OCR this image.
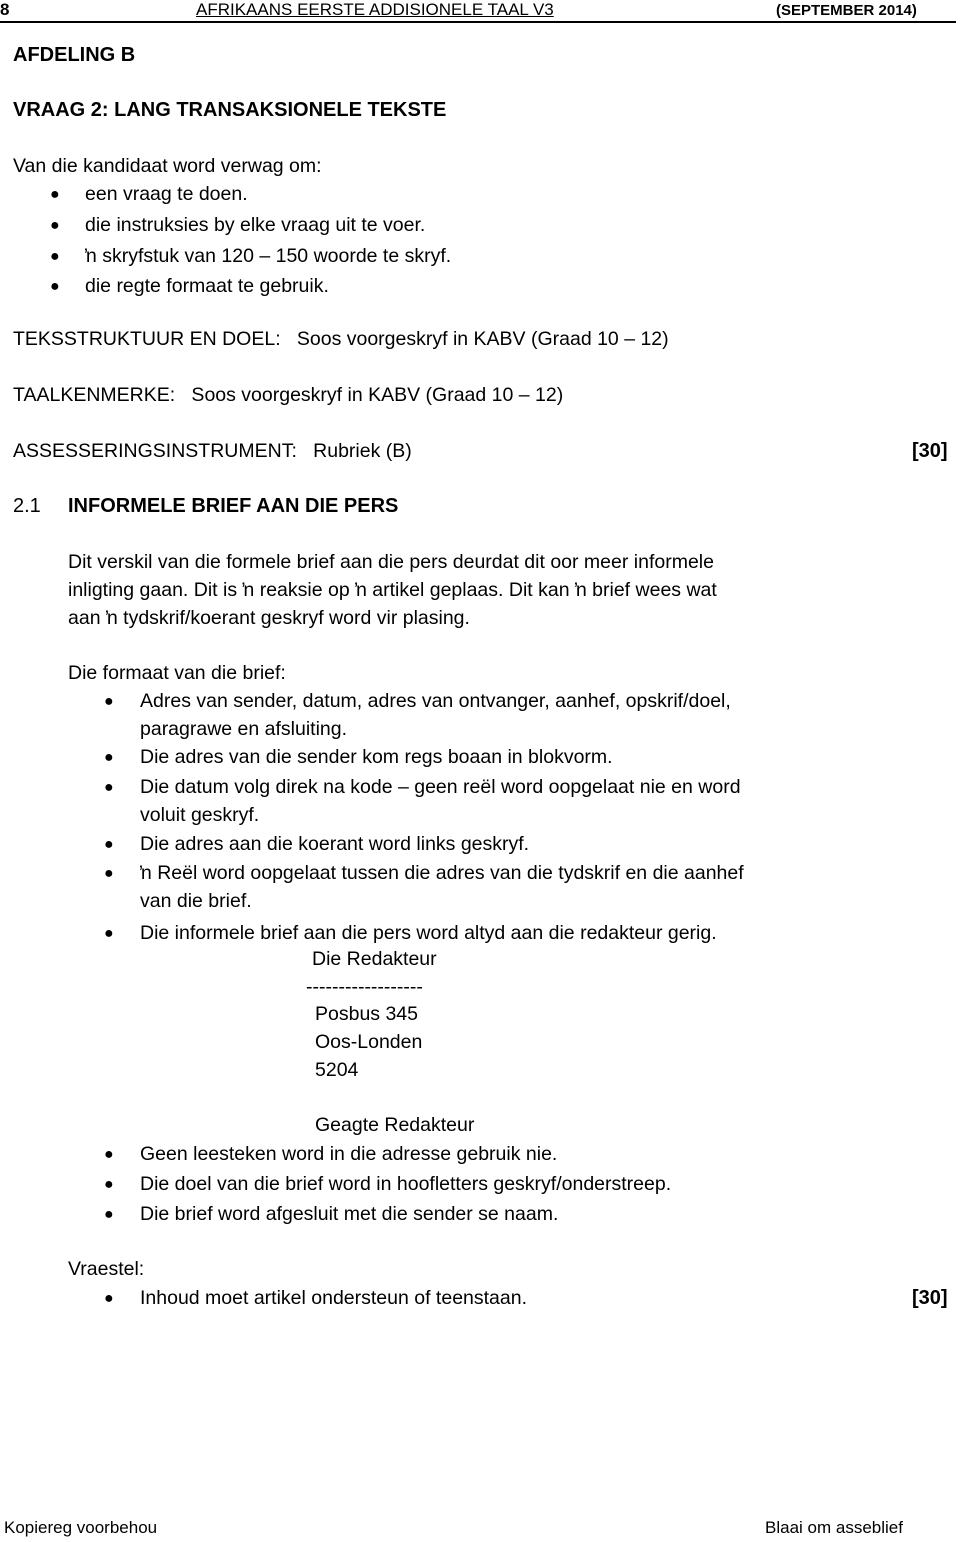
8	AFRIKAANS EERSTE ADDISIONELE TAAL V3	(SEPTEMBER 2014)
AFDELING B
VRAAG 2: LANG TRANSAKSIONELE TEKSTE
Van die kandidaat word verwag om:
● een vraag te doen.
● die instruksies by elke vraag uit te voer.
● ŉ skryfstuk van 120 – 150 woorde te skryf.
● die regte formaat te gebruik.
TEKSSTRUKTUUR EN DOEL:   Soos voorgeskryf in KABV (Graad 10 – 12)
TAALKENMERKE:   Soos voorgeskryf in KABV (Graad 10 – 12)
ASSESSERINGSINSTRUMENT:   Rubriek (B)	[30]
2.1 INFORMELE BRIEF AAN DIE PERS
Dit verskil van die formele brief aan die pers deurdat dit oor meer informele
inligting gaan. Dit is ŉ reaksie op ŉ artikel geplaas. Dit kan ŉ brief wees wat
aan ŉ tydskrif/koerant geskryf word vir plasing.
Die formaat van die brief:
● Adres van sender, datum, adres van ontvanger, aanhef, opskrif/doel,
paragrawe en afsluiting.
● Die adres van die sender kom regs boaan in blokvorm.
● Die datum volg direk na kode – geen reël word oopgelaat nie en word
voluit geskryf.
● Die adres aan die koerant word links geskryf.
● ŉ Reël word oopgelaat tussen die adres van die tydskrif en die aanhef
van die brief.
● Die informele brief aan die pers word altyd aan die redakteur gerig.
Die Redakteur
------------------
Posbus 345
Oos-Londen
5204
Geagte Redakteur
● Geen leesteken word in die adresse gebruik nie.
● Die doel van die brief word in hoofletters geskryf/onderstreep.
● Die brief word afgesluit met die sender se naam.
Vraestel:
● Inhoud moet artikel ondersteun of teenstaan.	[30]
Kopiereg voorbehou	Blaai om asseblief
